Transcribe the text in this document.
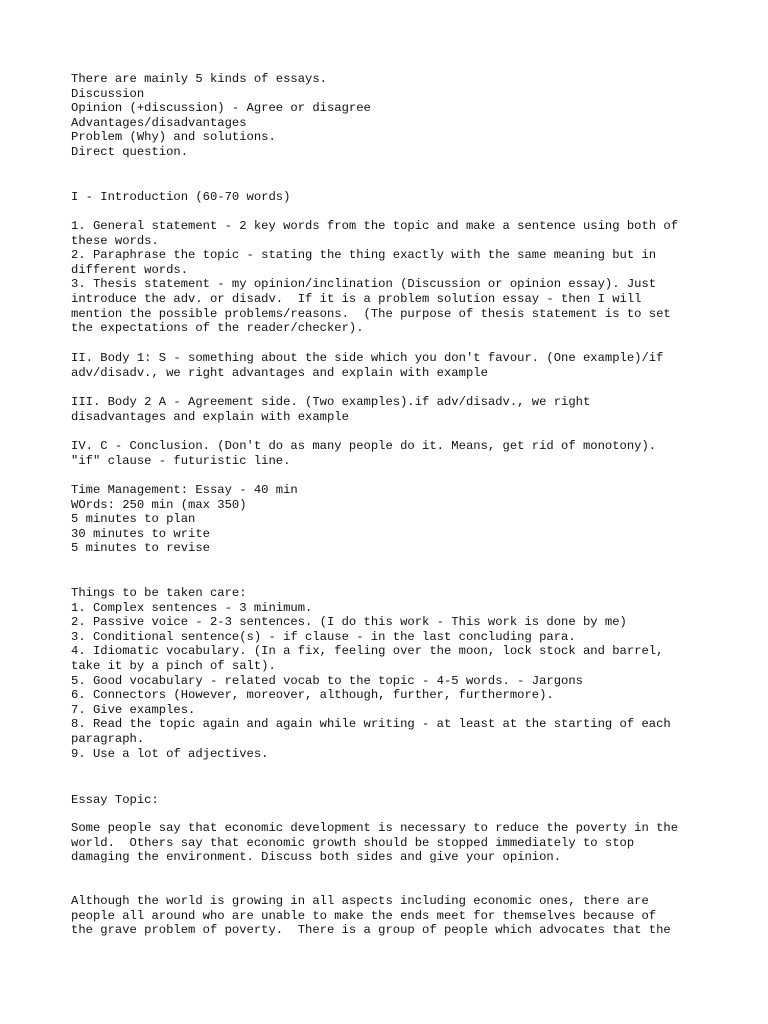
There are mainly 5 kinds of essays.
Discussion
Opinion (+discussion) - Agree or disagree
Advantages/disadvantages
Problem (Why) and solutions.
Direct question.
I - Introduction (60-70 words)
1. General statement - 2 key words from the topic and make a sentence using both of
these words.
2. Paraphrase the topic - stating the thing exactly with the same meaning but in
different words.
3. Thesis statement - my opinion/inclination (Discussion or opinion essay). Just
introduce the adv. or disadv.  If it is a problem solution essay - then I will
mention the possible problems/reasons.  (The purpose of thesis statement is to set
the expectations of the reader/checker).
II. Body 1: S - something about the side which you don't favour. (One example)/if
adv/disadv., we right advantages and explain with example
III. Body 2 A - Agreement side. (Two examples).if adv/disadv., we right
disadvantages and explain with example
IV. C - Conclusion. (Don't do as many people do it. Means, get rid of monotony).
"if" clause - futuristic line.
Time Management: Essay - 40 min
WOrds: 250 min (max 350)
5 minutes to plan
30 minutes to write
5 minutes to revise
Things to be taken care:
1. Complex sentences - 3 minimum.
2. Passive voice - 2-3 sentences. (I do this work - This work is done by me)
3. Conditional sentence(s) - if clause - in the last concluding para.
4. Idiomatic vocabulary. (In a fix, feeling over the moon, lock stock and barrel,
take it by a pinch of salt).
5. Good vocabulary - related vocab to the topic - 4-5 words. - Jargons
6. Connectors (However, moreover, although, further, furthermore).
7. Give examples.
8. Read the topic again and again while writing - at least at the starting of each
paragraph.
9. Use a lot of adjectives.
Essay Topic:
Some people say that economic development is necessary to reduce the poverty in the
world.  Others say that economic growth should be stopped immediately to stop
damaging the environment. Discuss both sides and give your opinion.
Although the world is growing in all aspects including economic ones, there are
people all around who are unable to make the ends meet for themselves because of
the grave problem of poverty.  There is a group of people which advocates that the
